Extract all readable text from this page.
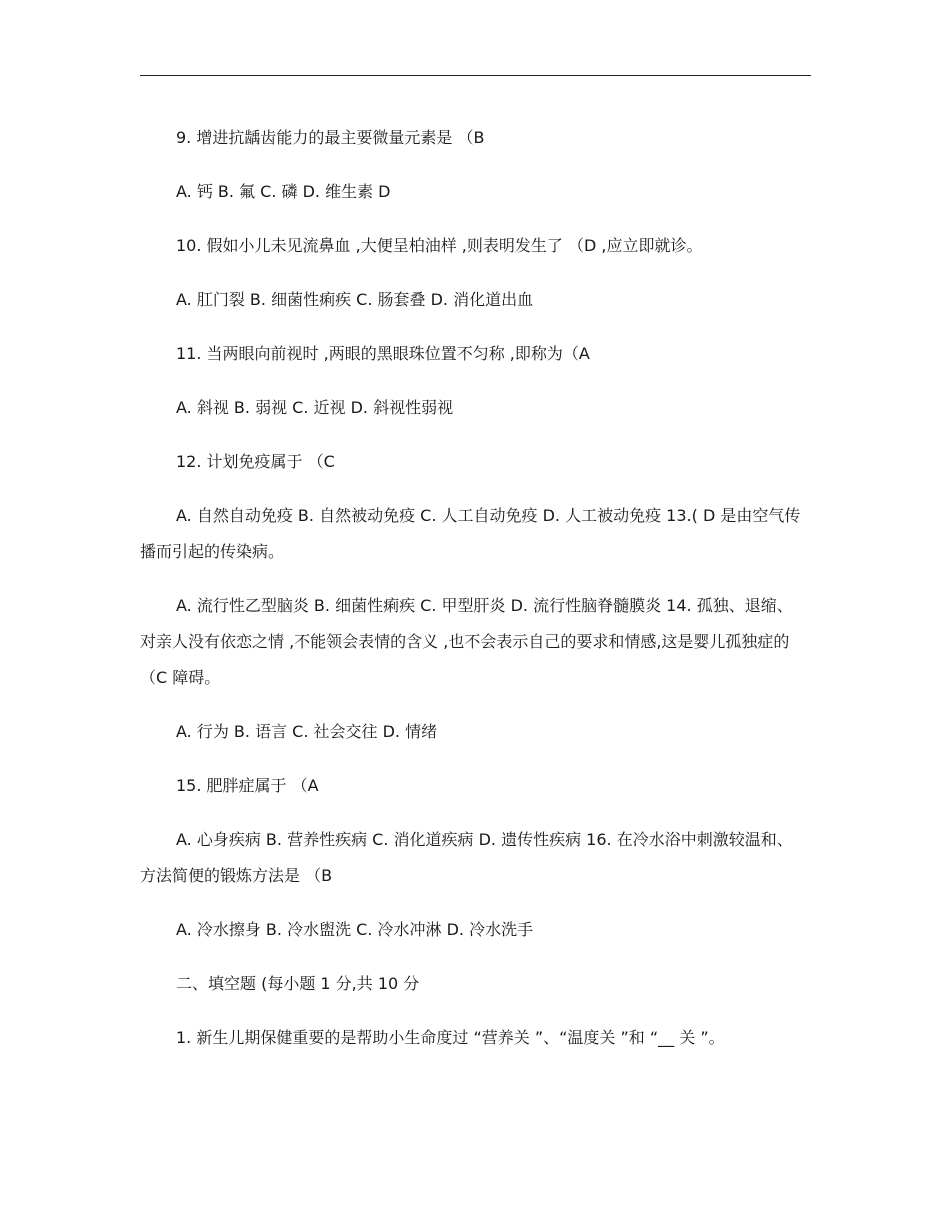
9. 增进抗龋齿能力的最主要微量元素是 （B

A. 钙 B. 氟 C. 磷 D. 维生素 D

10. 假如小儿未见流鼻血 ,大便呈柏油样 ,则表明发生了 （D ,应立即就诊。

A. 肛门裂 B. 细菌性痢疾 C. 肠套叠 D. 消化道出血

11. 当两眼向前视时 ,两眼的黑眼珠位置不匀称 ,即称为（A

A. 斜视 B. 弱视 C. 近视 D. 斜视性弱视

12. 计划免疫属于 （C

A. 自然自动免疫 B. 自然被动免疫 C. 人工自动免疫 D. 人工被动免疫 13.( D 是由空气传播而引起的传染病。

A. 流行性乙型脑炎 B. 细菌性痢疾 C. 甲型肝炎 D. 流行性脑脊髓膜炎 14. 孤独、退缩、对亲人没有依恋之情 ,不能领会表情的含义 ,也不会表示自己的要求和情感,这是婴儿孤独症的 （C 障碍。

A. 行为 B. 语言 C. 社会交往 D. 情绪

15. 肥胖症属于 （A

A. 心身疾病 B. 营养性疾病 C. 消化道疾病 D. 遗传性疾病 16. 在冷水浴中刺激较温和、方法简便的锻炼方法是 （B

A. 冷水擦身 B. 冷水盥洗 C. 冷水冲淋 D. 冷水洗手

二、填空题 (每小题 1 分,共 10 分

1. 新生儿期保健重要的是帮助小生命度过 “营养关 ”、“温度关 ”和 “__ 关 ”。
